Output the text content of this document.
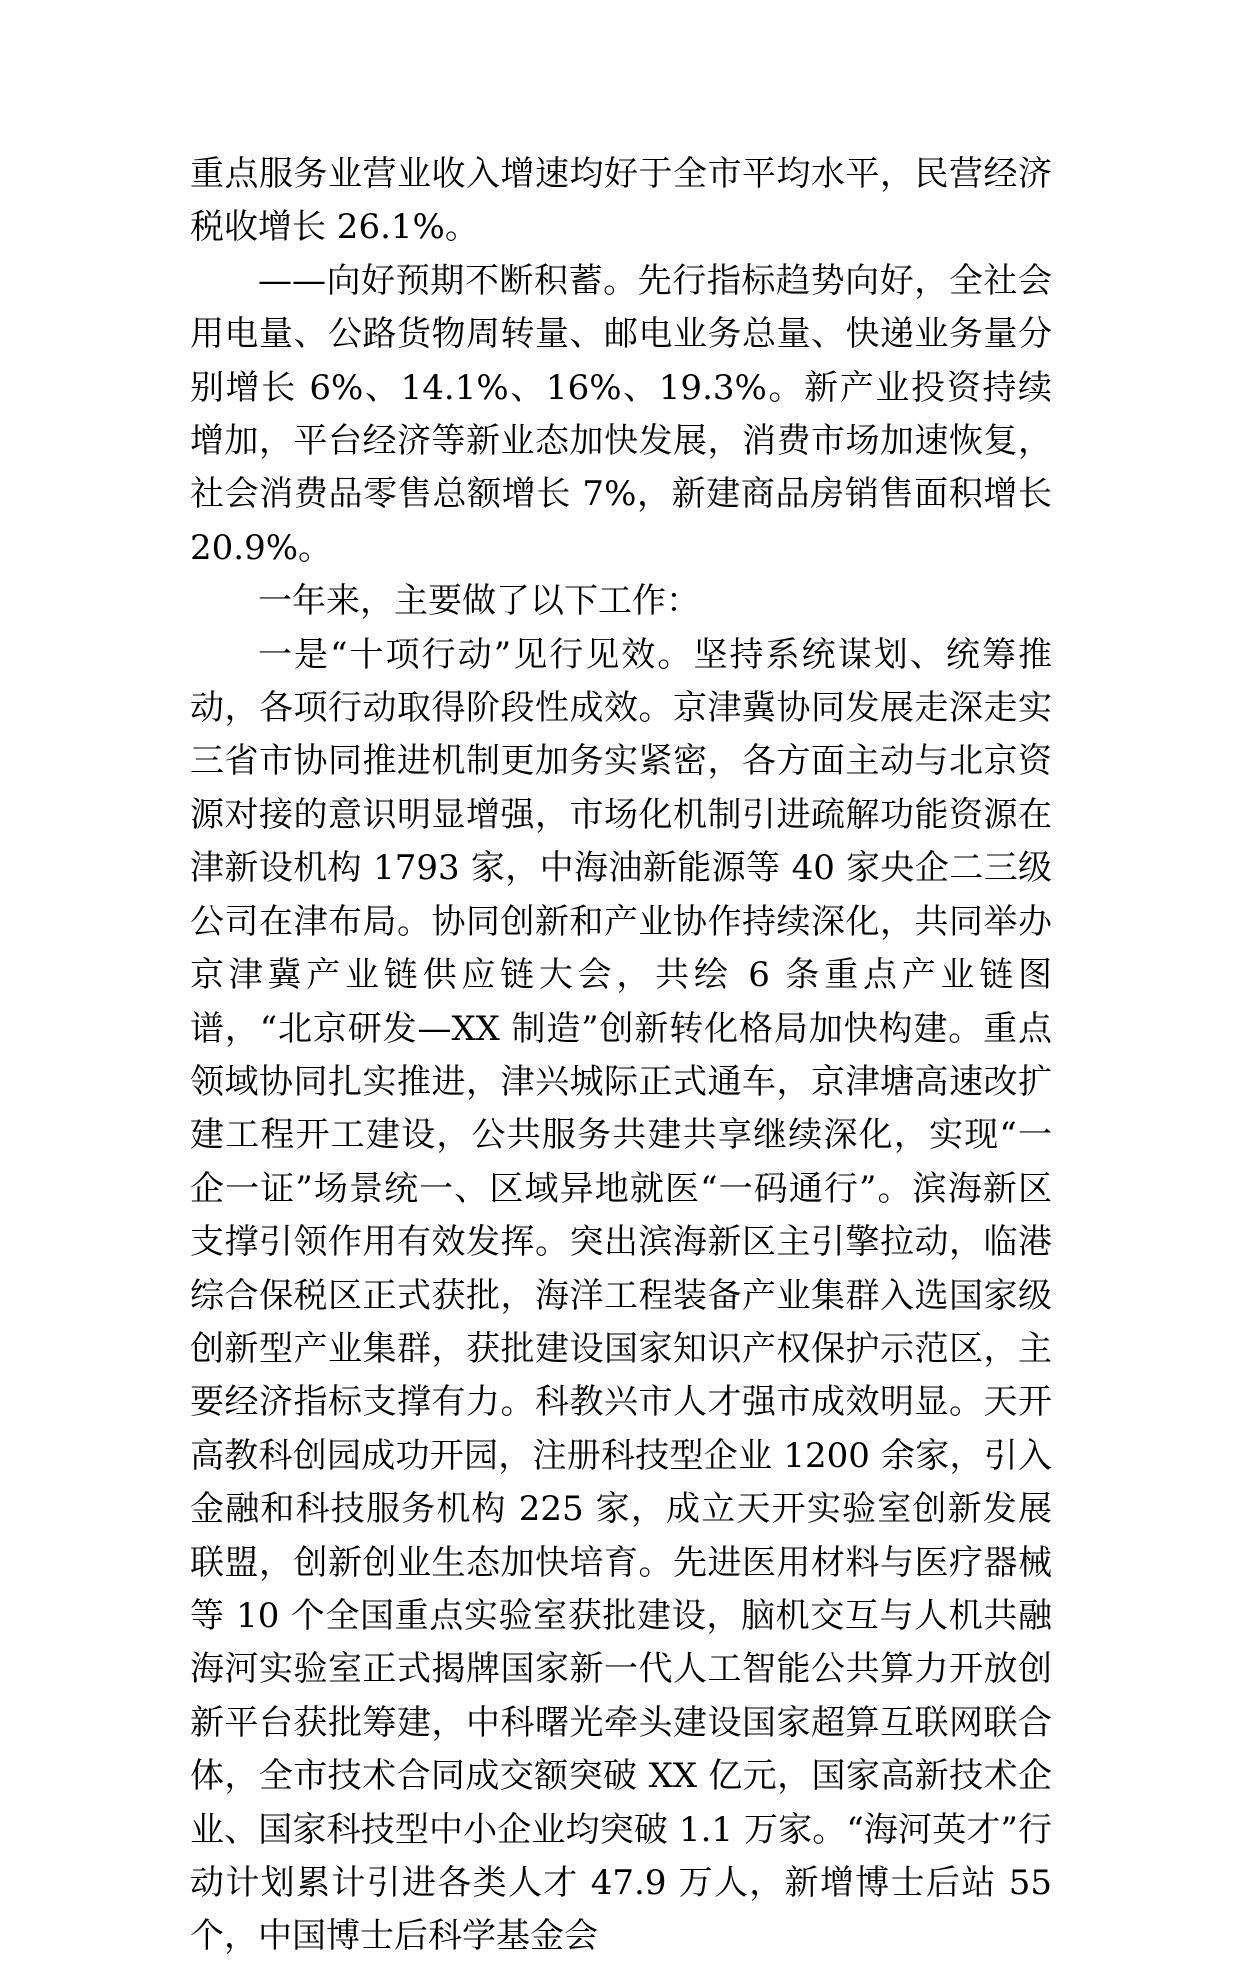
重点服务业营业收入增速均好于全市平均水平，民营经济税收增长 26.1%。

——向好预期不断积蓄。先行指标趋势向好，全社会用电量、公路货物周转量、邮电业务总量、快递业务量分别增长 6%、14.1%、16%、19.3%。新产业投资持续增加，平台经济等新业态加快发展，消费市场加速恢复，社会消费品零售总额增长 7%，新建商品房销售面积增长 20.9%。

一年来，主要做了以下工作：

一是“十项行动”见行见效。坚持系统谋划、统筹推动，各项行动取得阶段性成效。京津冀协同发展走深走实三省市协同推进机制更加务实紧密，各方面主动与北京资源对接的意识明显增强，市场化机制引进疏解功能资源在津新设机构 1793 家，中海油新能源等 40 家央企二三级公司在津布局。协同创新和产业协作持续深化，共同举办京津冀产业链供应链大会，共绘 6 条重点产业链图谱，“北京研发—XX 制造”创新转化格局加快构建。重点领域协同扎实推进，津兴城际正式通车，京津塘高速改扩建工程开工建设，公共服务共建共享继续深化，实现“一企一证”场景统一、区域异地就医“一码通行”。滨海新区支撑引领作用有效发挥。突出滨海新区主引擎拉动，临港综合保税区正式获批，海洋工程装备产业集群入选国家级创新型产业集群，获批建设国家知识产权保护示范区，主要经济指标支撑有力。科教兴市人才强市成效明显。天开高教科创园成功开园，注册科技型企业 1200 余家，引入金融和科技服务机构 225 家，成立天开实验室创新发展联盟，创新创业生态加快培育。先进医用材料与医疗器械等 10 个全国重点实验室获批建设，脑机交互与人机共融海河实验室正式揭牌国家新一代人工智能公共算力开放创新平台获批筹建，中科曙光牵头建设国家超算互联网联合体，全市技术合同成交额突破 XX 亿元，国家高新技术企业、国家科技型中小企业均突破 1.1 万家。“海河英才”行动计划累计引进各类人才 47.9 万人，新增博士后站 55 个，中国博士后科学基金会
